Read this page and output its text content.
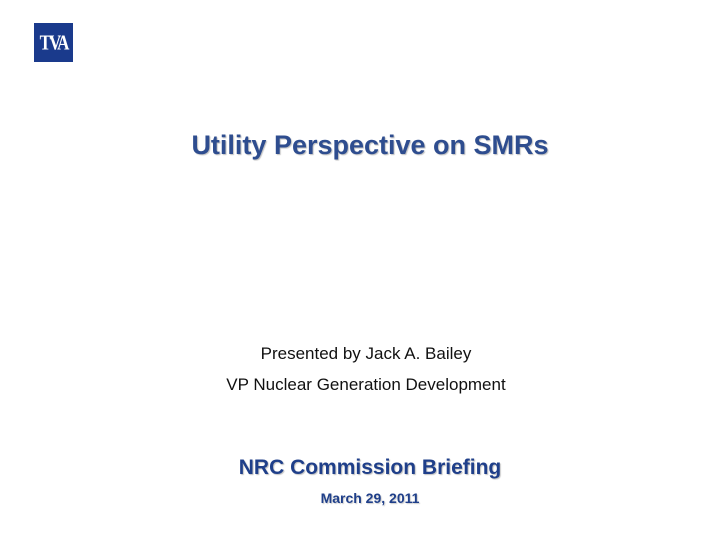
TVA
Utility Perspective on SMRs
Presented by Jack A. Bailey
VP Nuclear Generation Development
NRC Commission Briefing
March 29, 2011
